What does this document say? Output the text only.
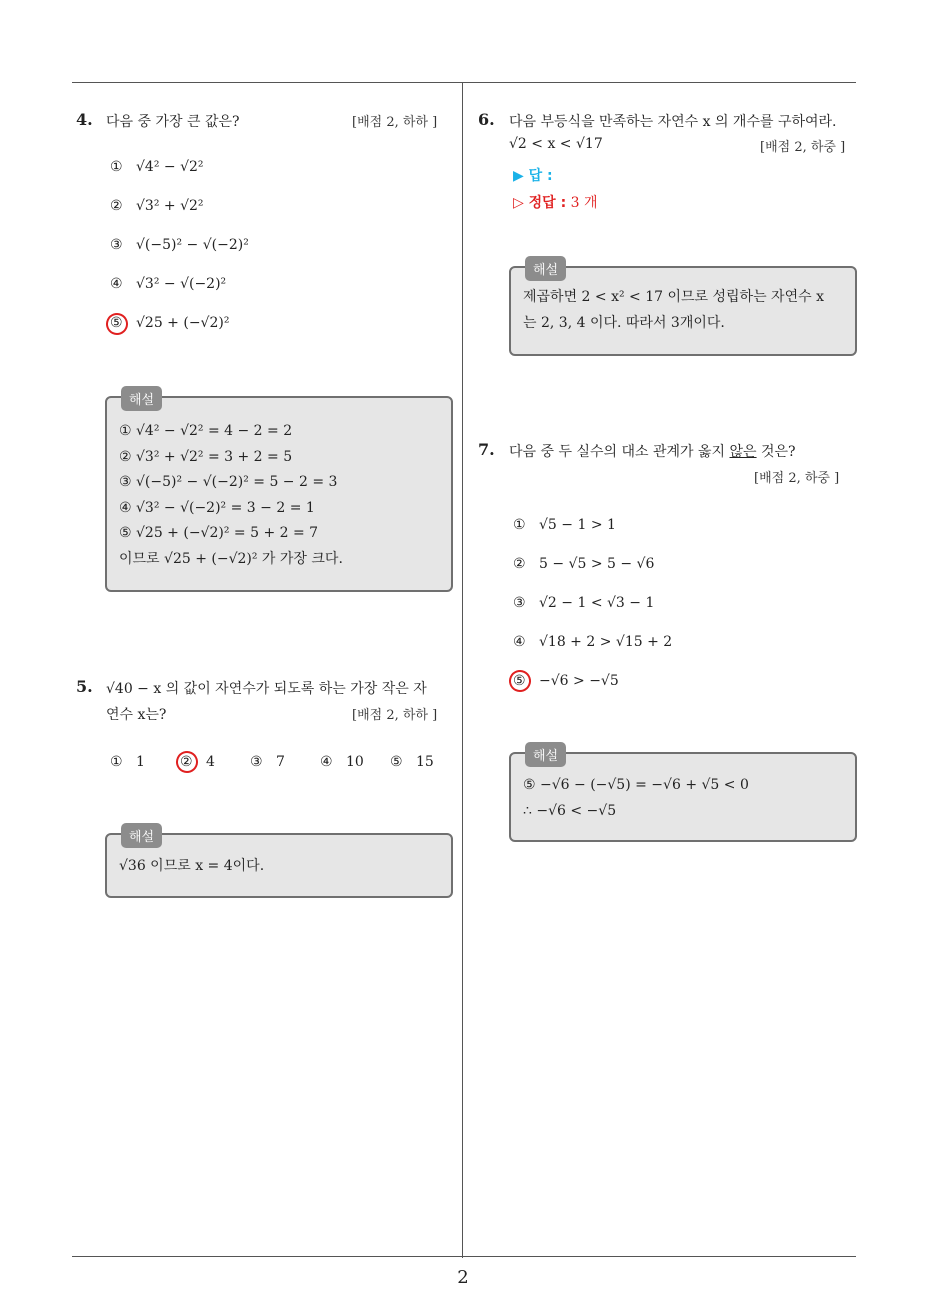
2
4. 다음 중 가장 큰 값은?	[배점 2, 하하 ]
① √4² − √2²
② √3² + √2²
③ √(−5)² − √(−2)²
④ √3² − √(−2)²
⑤ √25 + (−√2)²
해설
① √4² − √2² = 4 − 2 = 2
② √3² + √2² = 3 + 2 = 5
③ √(−5)² − √(−2)² = 5 − 2 = 3
④ √3² − √(−2)² = 3 − 2 = 1
⑤ √25 + (−√2)² = 5 + 2 = 7
이므로 √25 + (−√2)² 가 가장 크다.
5. √40 − x 의 값이 자연수가 되도록 하는 가장 작은 자
연수 x는?	[배점 2, 하하 ]
① 1	② 4	③ 7	④ 10 ⑤ 15
해설
√36 이므로 x = 4이다.
6. 다음 부등식을 만족하는 자연수 x 의 개수를 구하여라.
√2 < x < √17	[배점 2, 하중 ]
▶ 답 :
▷ 정답 : 3 개
해설
제곱하면 2 < x² < 17 이므로 성립하는 자연수 x
는 2, 3, 4 이다. 따라서 3개이다.
7. 다음 중 두 실수의 대소 관계가 옳지 않은 것은?
[배점 2, 하중 ]
① √5 − 1 > 1
② 5 − √5 > 5 − √6
③ √2 − 1 < √3 − 1
④ √18 + 2 > √15 + 2
⑤ −√6 > −√5
해설
⑤ −√6 − (−√5) = −√6 + √5 < 0
∴ −√6 < −√5
